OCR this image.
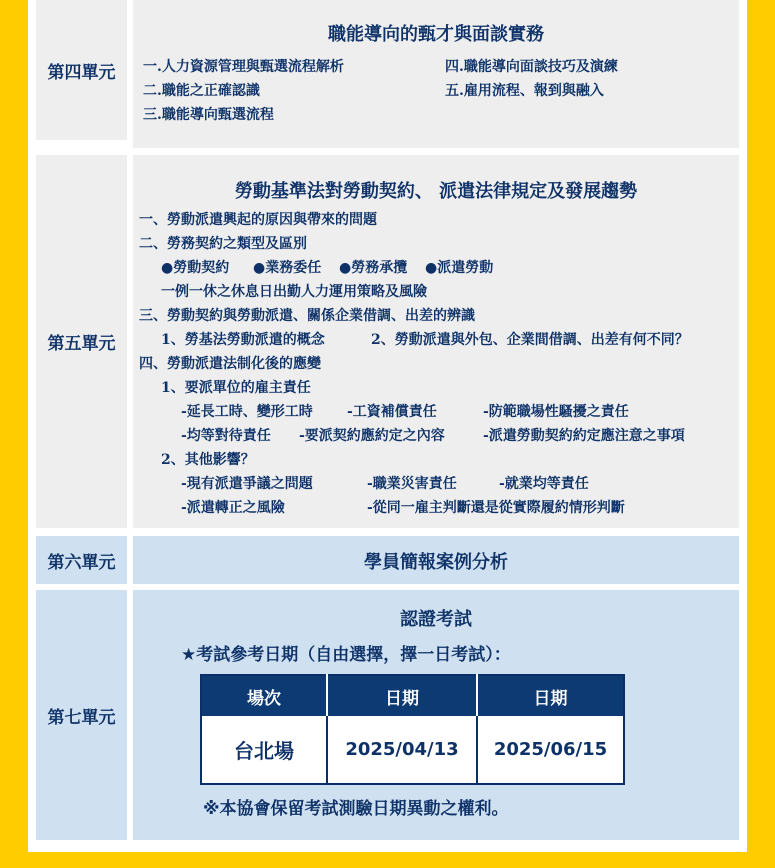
第四單元
職能導向的甄才與面談實務
一.人力資源管理與甄選流程解析
二.職能之正確認識
三.職能導向甄選流程
四.職能導向面談技巧及演練
五.雇用流程、報到與融入
第五單元
勞動基準法對勞動契約、 派遣法律規定及發展趨勢
一、勞動派遣興起的原因與帶來的問題
二、勞務契約之類型及區別
●勞動契約 ●業務委任 ●勞務承攬 ●派遣勞動
一例一休之休息日出勤人力運用策略及風險
三、勞動契約與勞動派遣、關係企業借調、出差的辨識
1、勞基法勞動派遣的概念	2、勞動派遣與外包、企業間借調、出差有何不同？
四、勞動派遣法制化後的應變
1、要派單位的雇主責任
-延長工時、變形工時 -工資補償責任	-防範職場性騷擾之責任
-均等對待責任 -要派契約應約定之內容	-派遣勞動契約約定應注意之事項
2、其他影響？
-現有派遣爭議之問題	-職業災害責任	-就業均等責任
-派遣轉正之風險	-從同一雇主判斷還是從實際履約情形判斷
第六單元	學員簡報案例分析
第七單元
認證考試
★考試參考日期（自由選擇，擇一日考試）：
場次	日期	日期
台北場	2025/04/13	2025/06/15
※本協會保留考試測驗日期異動之權利。
